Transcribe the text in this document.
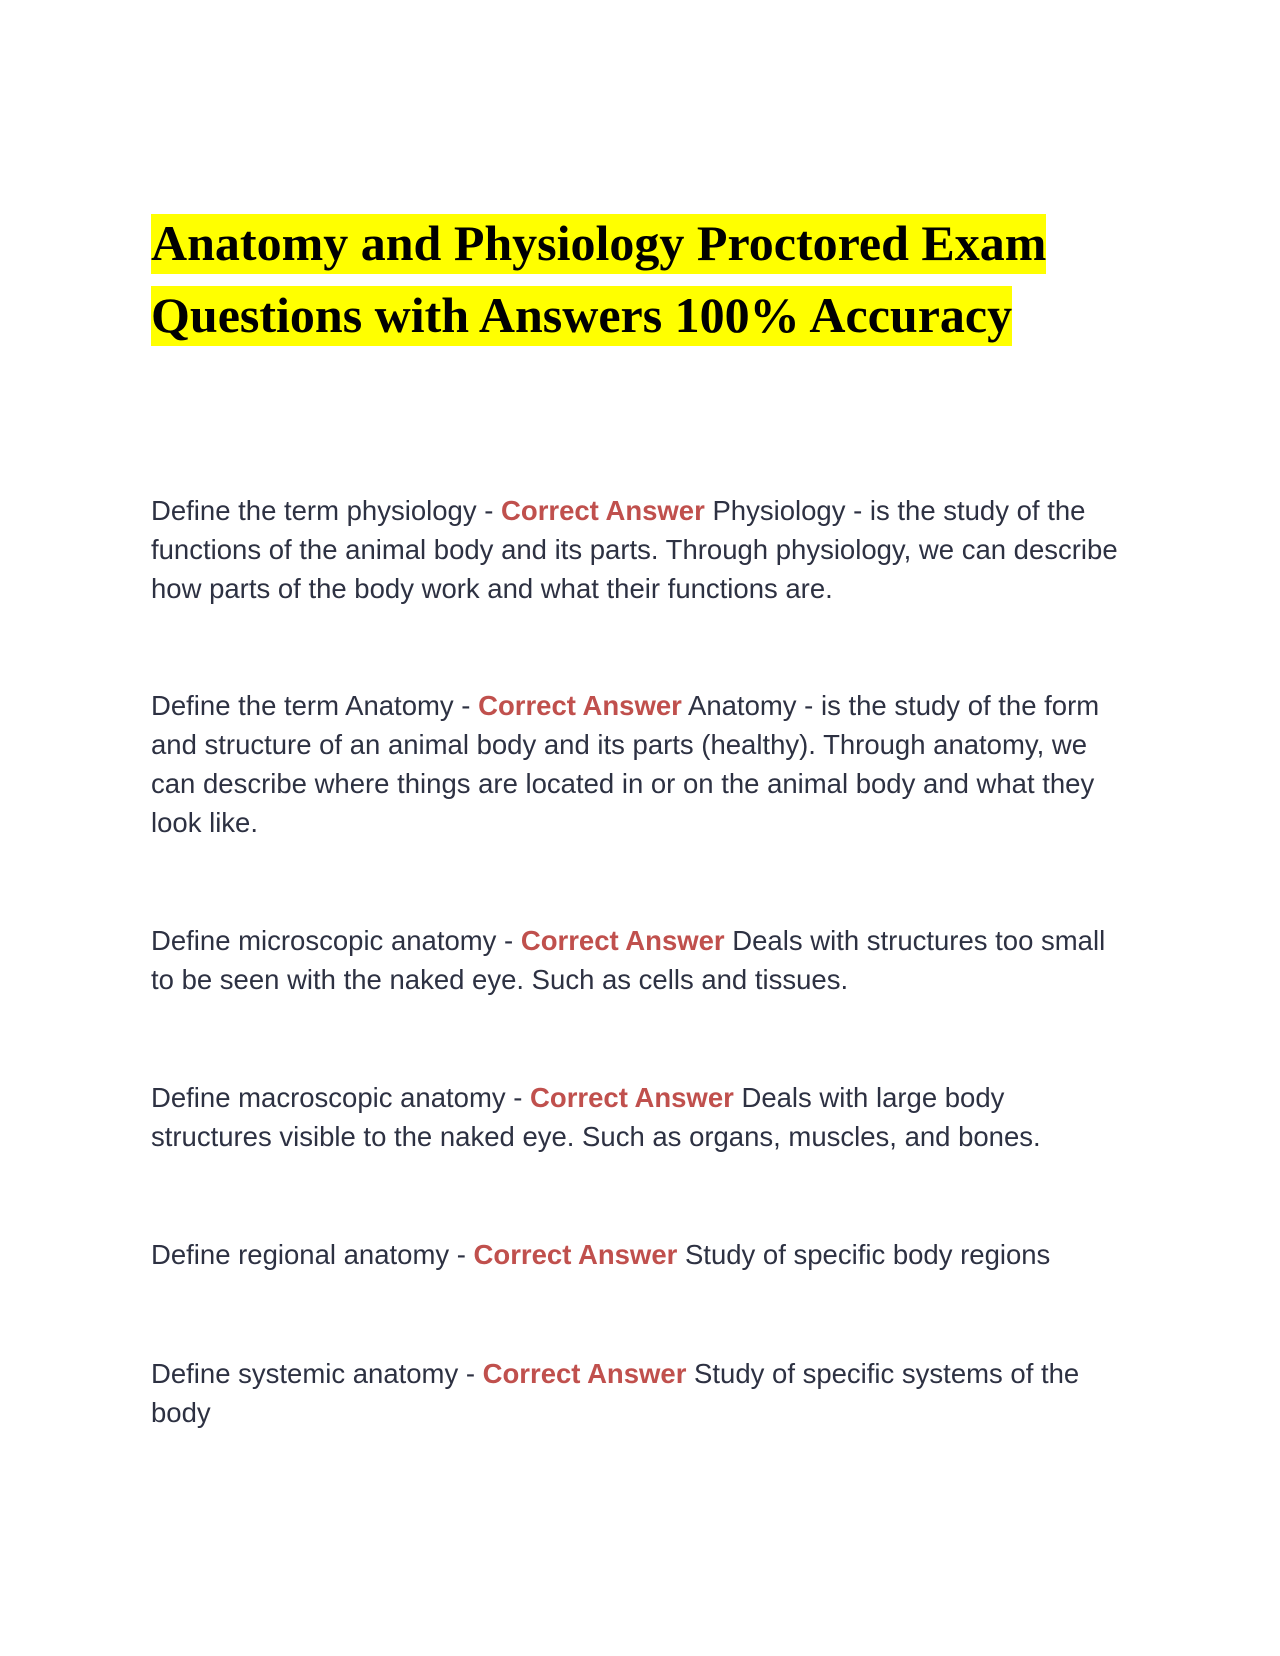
Anatomy and Physiology Proctored Exam
Questions with Answers 100% Accuracy

Define the term physiology - Correct Answer Physiology - is the study of the functions of the animal body and its parts. Through physiology, we can describe how parts of the body work and what their functions are.

Define the term Anatomy - Correct Answer Anatomy - is the study of the form and structure of an animal body and its parts (healthy). Through anatomy, we can describe where things are located in or on the animal body and what they look like.

Define microscopic anatomy - Correct Answer Deals with structures too small to be seen with the naked eye. Such as cells and tissues.

Define macroscopic anatomy - Correct Answer Deals with large body structures visible to the naked eye. Such as organs, muscles, and bones.

Define regional anatomy - Correct Answer Study of specific body regions

Define systemic anatomy - Correct Answer Study of specific systems of the body
